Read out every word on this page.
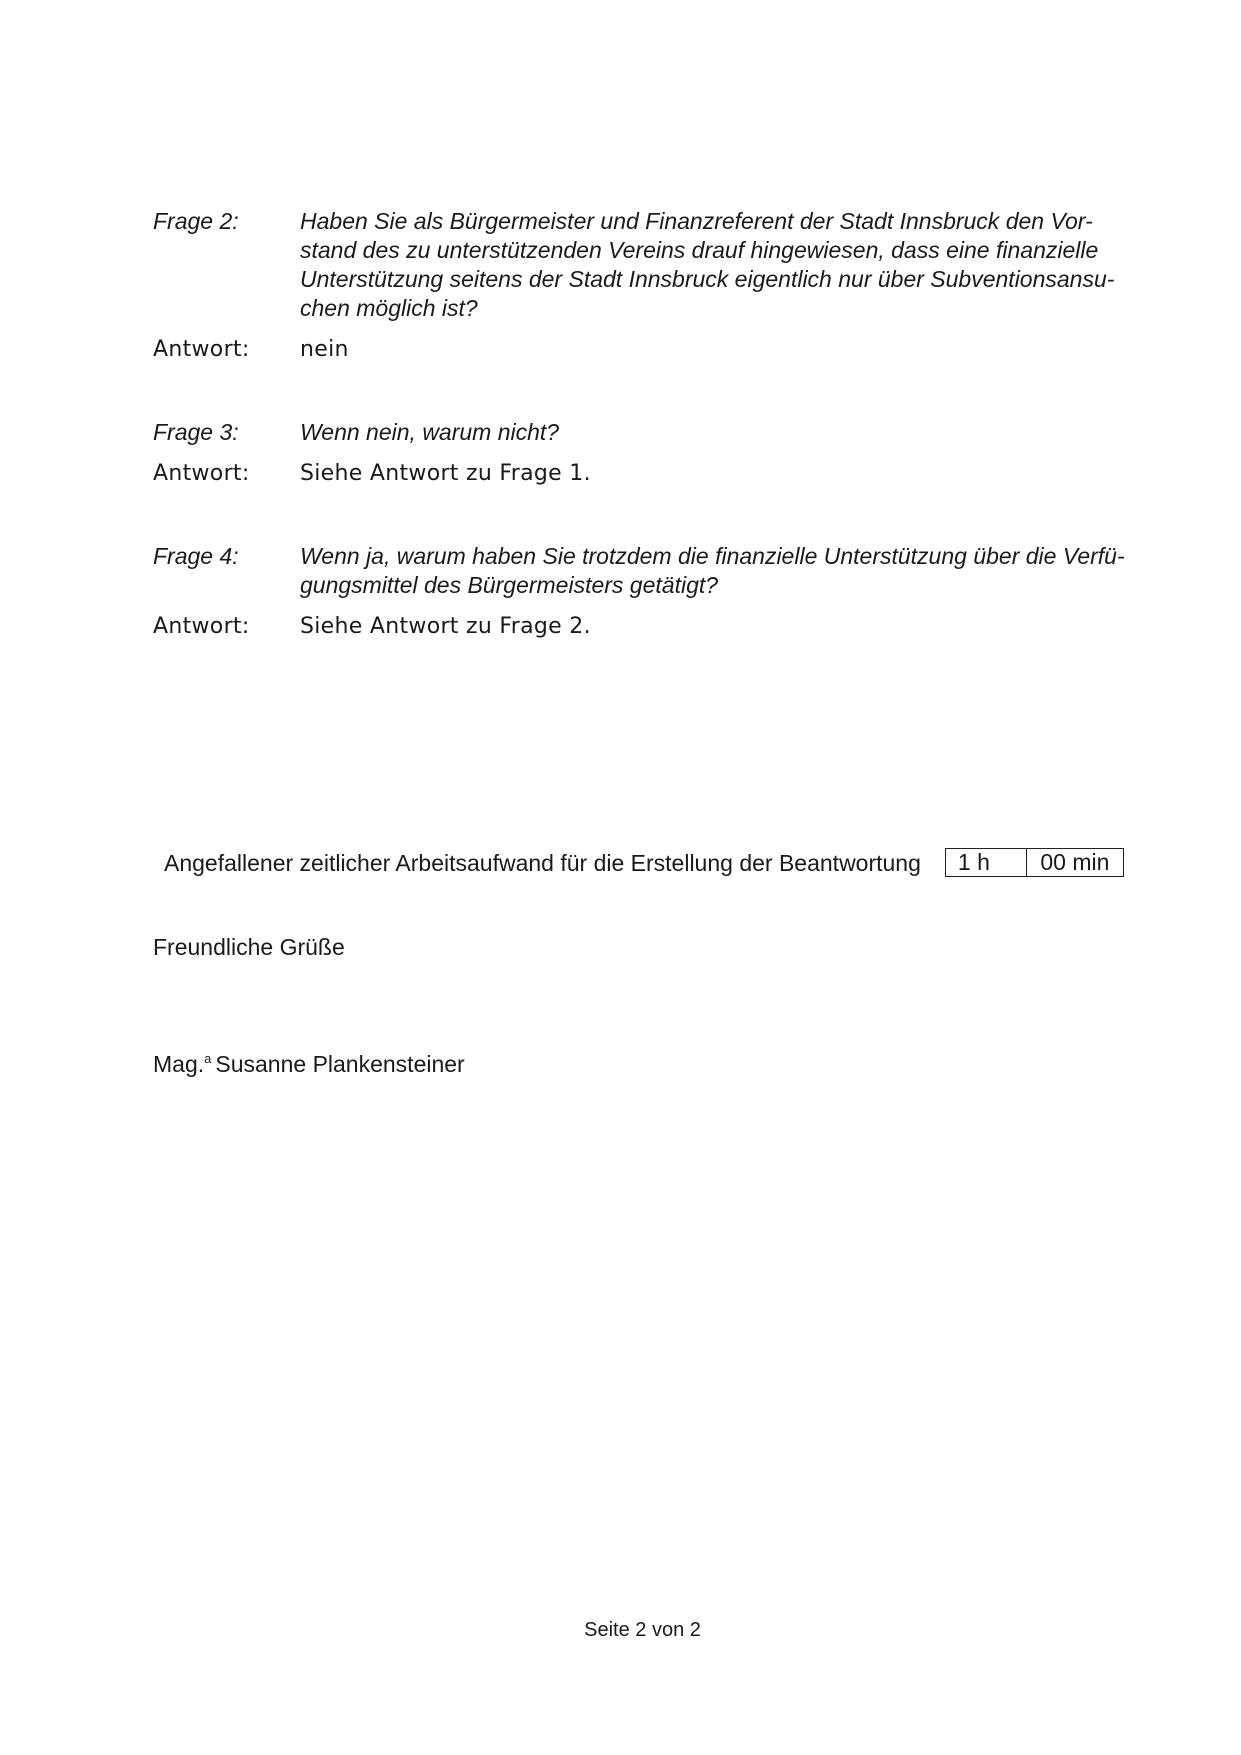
Frage 2:	Haben Sie als Bürgermeister und Finanzreferent der Stadt Innsbruck den Vor-
stand des zu unterstützenden Vereins drauf hingewiesen, dass eine finanzielle
Unterstützung seitens der Stadt Innsbruck eigentlich nur über Subventionsansu-
chen möglich ist?
Antwort:	nein
Frage 3:	Wenn nein, warum nicht?
Antwort:	Siehe Antwort zu Frage 1.
Frage 4:	Wenn ja, warum haben Sie trotzdem die finanzielle Unterstützung über die Verfü-
gungsmittel des Bürgermeisters getätigt?
Antwort:	Siehe Antwort zu Frage 2.
Angefallener zeitlicher Arbeitsaufwand für die Erstellung der Beantwortung	1 h	00 min
Freundliche Grüße
Mag.$^a$ Susanne Plankensteiner
Seite 2 von 2
